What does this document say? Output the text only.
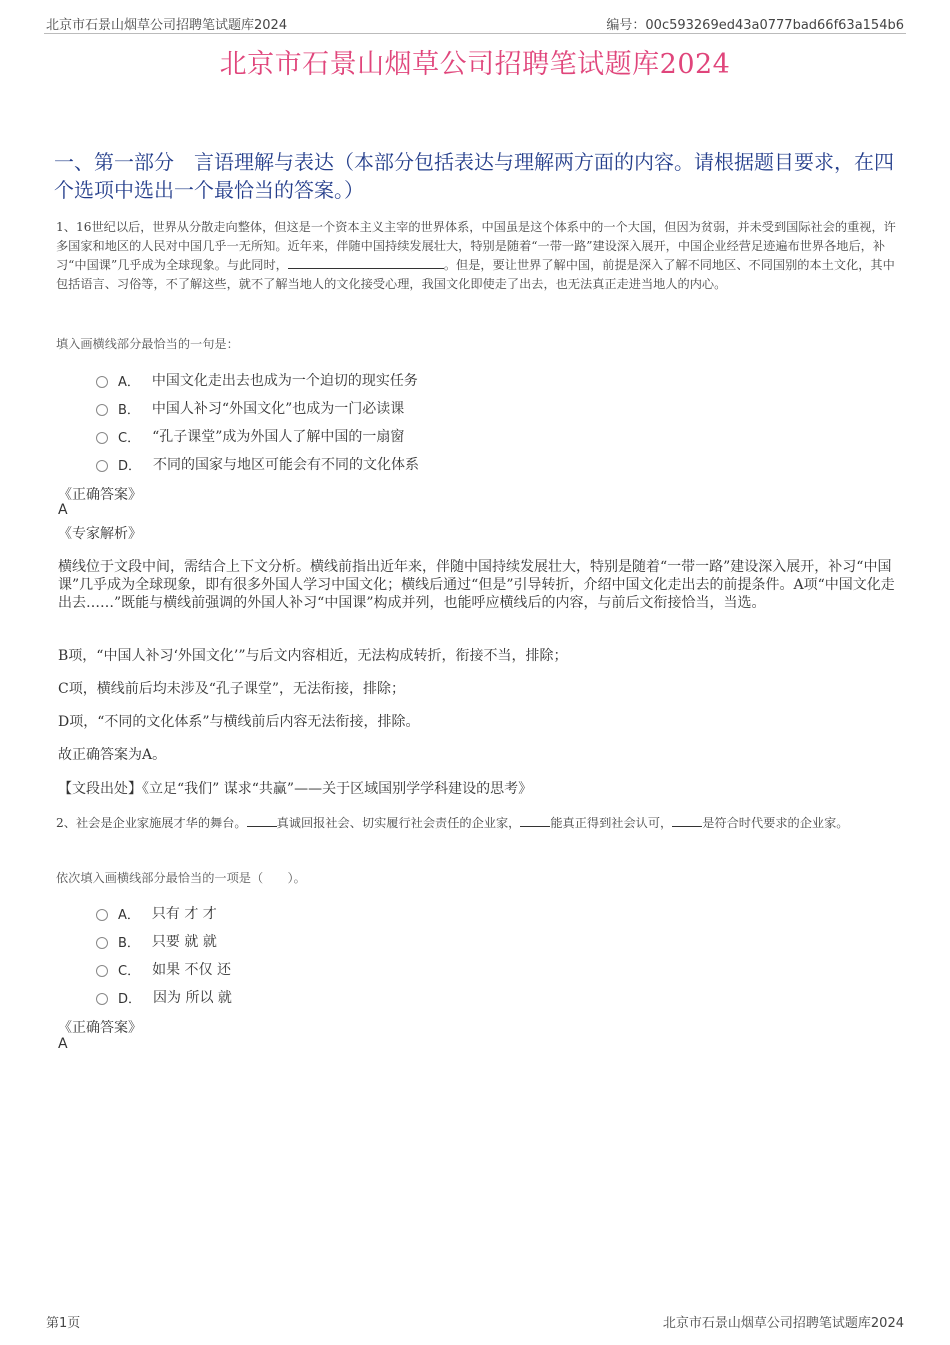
北京市石景山烟草公司招聘笔试题库2024	编号：00c593269ed43a0777bad66f63a154b6
北京市石景山烟草公司招聘笔试题库2024
一、第一部分　言语理解与表达（本部分包括表达与理解两方面的内容。请根据题目要求，在四个选项中选出一个最恰当的答案。）
1、16世纪以后，世界从分散走向整体，但这是一个资本主义主宰的世界体系，中国虽是这个体系中的一个大国，但因为贫弱，并未受到国际社会的重视，许多国家和地区的人民对中国几乎一无所知。近年来，伴随中国持续发展壮大，特别是随着“一带一路”建设深入展开，中国企业经营足迹遍布世界各地后，补习“中国课”几乎成为全球现象。与此同时，	。但是，要让世界了解中国，前提是深入了解不同地区、不同国别的本土文化，其中包括语言、习俗等，不了解这些，就不了解当地人的文化接受心理，我国文化即使走了出去，也无法真正走进当地人的内心。
填入画横线部分最恰当的一句是：
A． 中国文化走出去也成为一个迫切的现实任务
B． 中国人补习“外国文化”也成为一门必读课
C． “孔子课堂”成为外国人了解中国的一扇窗
D． 不同的国家与地区可能会有不同的文化体系
《正确答案》
A
《专家解析》
横线位于文段中间，需结合上下文分析。横线前指出近年来，伴随中国持续发展壮大，特别是随着“一带一路”建设深入展开，补习“中国课”几乎成为全球现象，即有很多外国人学习中国文化；横线后通过“但是”引导转折，介绍中国文化走出去的前提条件。A项“中国文化走出去……”既能与横线前强调的外国人补习“中国课”构成并列，也能呼应横线后的内容，与前后文衔接恰当，当选。
B项，“中国人补习‘外国文化’”与后文内容相近，无法构成转折，衔接不当，排除；
C项，横线前后均未涉及“孔子课堂”，无法衔接，排除；
D项，“不同的文化体系”与横线前后内容无法衔接，排除。
故正确答案为A。
【文段出处】《立足“我们” 谋求“共赢”——关于区域国别学学科建设的思考》
2、社会是企业家施展才华的舞台。 真诚回报社会、切实履行社会责任的企业家， 能真正得到社会认可， 是符合时代要求的企业家。
依次填入画横线部分最恰当的一项是（　　）。
A． 只有 才 才
B． 只要 就 就
C． 如果 不仅 还
D． 因为 所以 就
《正确答案》
A
第1页	北京市石景山烟草公司招聘笔试题库2024
